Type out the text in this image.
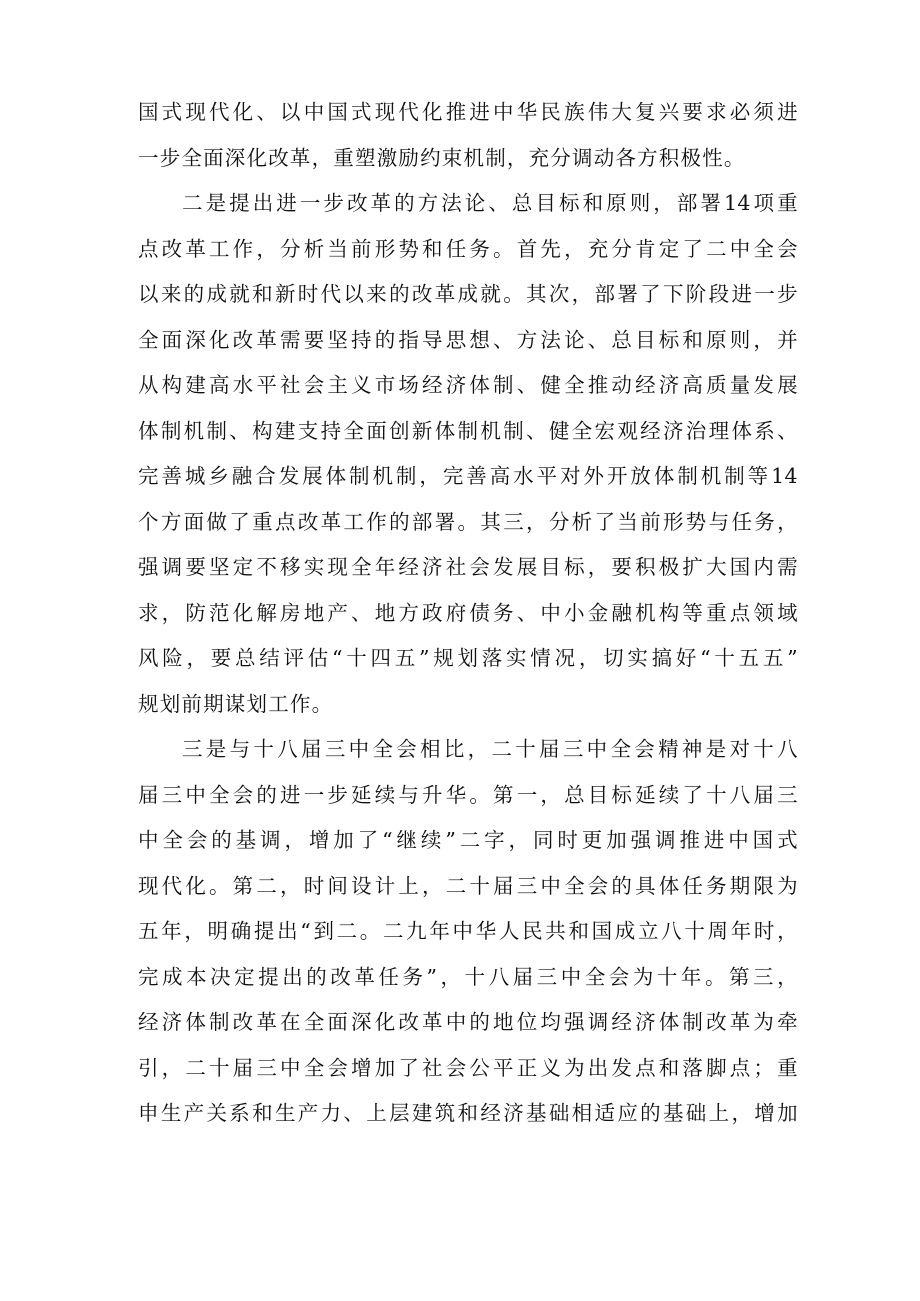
国式现代化、以中国式现代化推进中华民族伟大复兴要求必须进
一步全面深化改革，重塑激励约束机制，充分调动各方积极性。
二是提出进一步改革的方法论、总目标和原则，部署14项重
点改革工作，分析当前形势和任务。首先，充分肯定了二中全会
以来的成就和新时代以来的改革成就。其次，部署了下阶段进一步
全面深化改革需要坚持的指导思想、方法论、总目标和原则，并
从构建高水平社会主义市场经济体制、健全推动经济高质量发展
体制机制、构建支持全面创新体制机制、健全宏观经济治理体系、
完善城乡融合发展体制机制，完善高水平对外开放体制机制等14
个方面做了重点改革工作的部署。其三，分析了当前形势与任务，
强调要坚定不移实现全年经济社会发展目标，要积极扩大国内需
求，防范化解房地产、地方政府债务、中小金融机构等重点领域
风险，要总结评估“十四五”规划落实情况，切实搞好“十五五”
规划前期谋划工作。
三是与十八届三中全会相比，二十届三中全会精神是对十八
届三中全会的进一步延续与升华。第一，总目标延续了十八届三
中全会的基调，增加了“继续”二字，同时更加强调推进中国式
现代化。第二，时间设计上，二十届三中全会的具体任务期限为
五年，明确提出“到二。二九年中华人民共和国成立八十周年时，
完成本决定提出的改革任务”，十八届三中全会为十年。第三，
经济体制改革在全面深化改革中的地位均强调经济体制改革为牵
引，二十届三中全会增加了社会公平正义为出发点和落脚点；重
申生产关系和生产力、上层建筑和经济基础相适应的基础上，增加
